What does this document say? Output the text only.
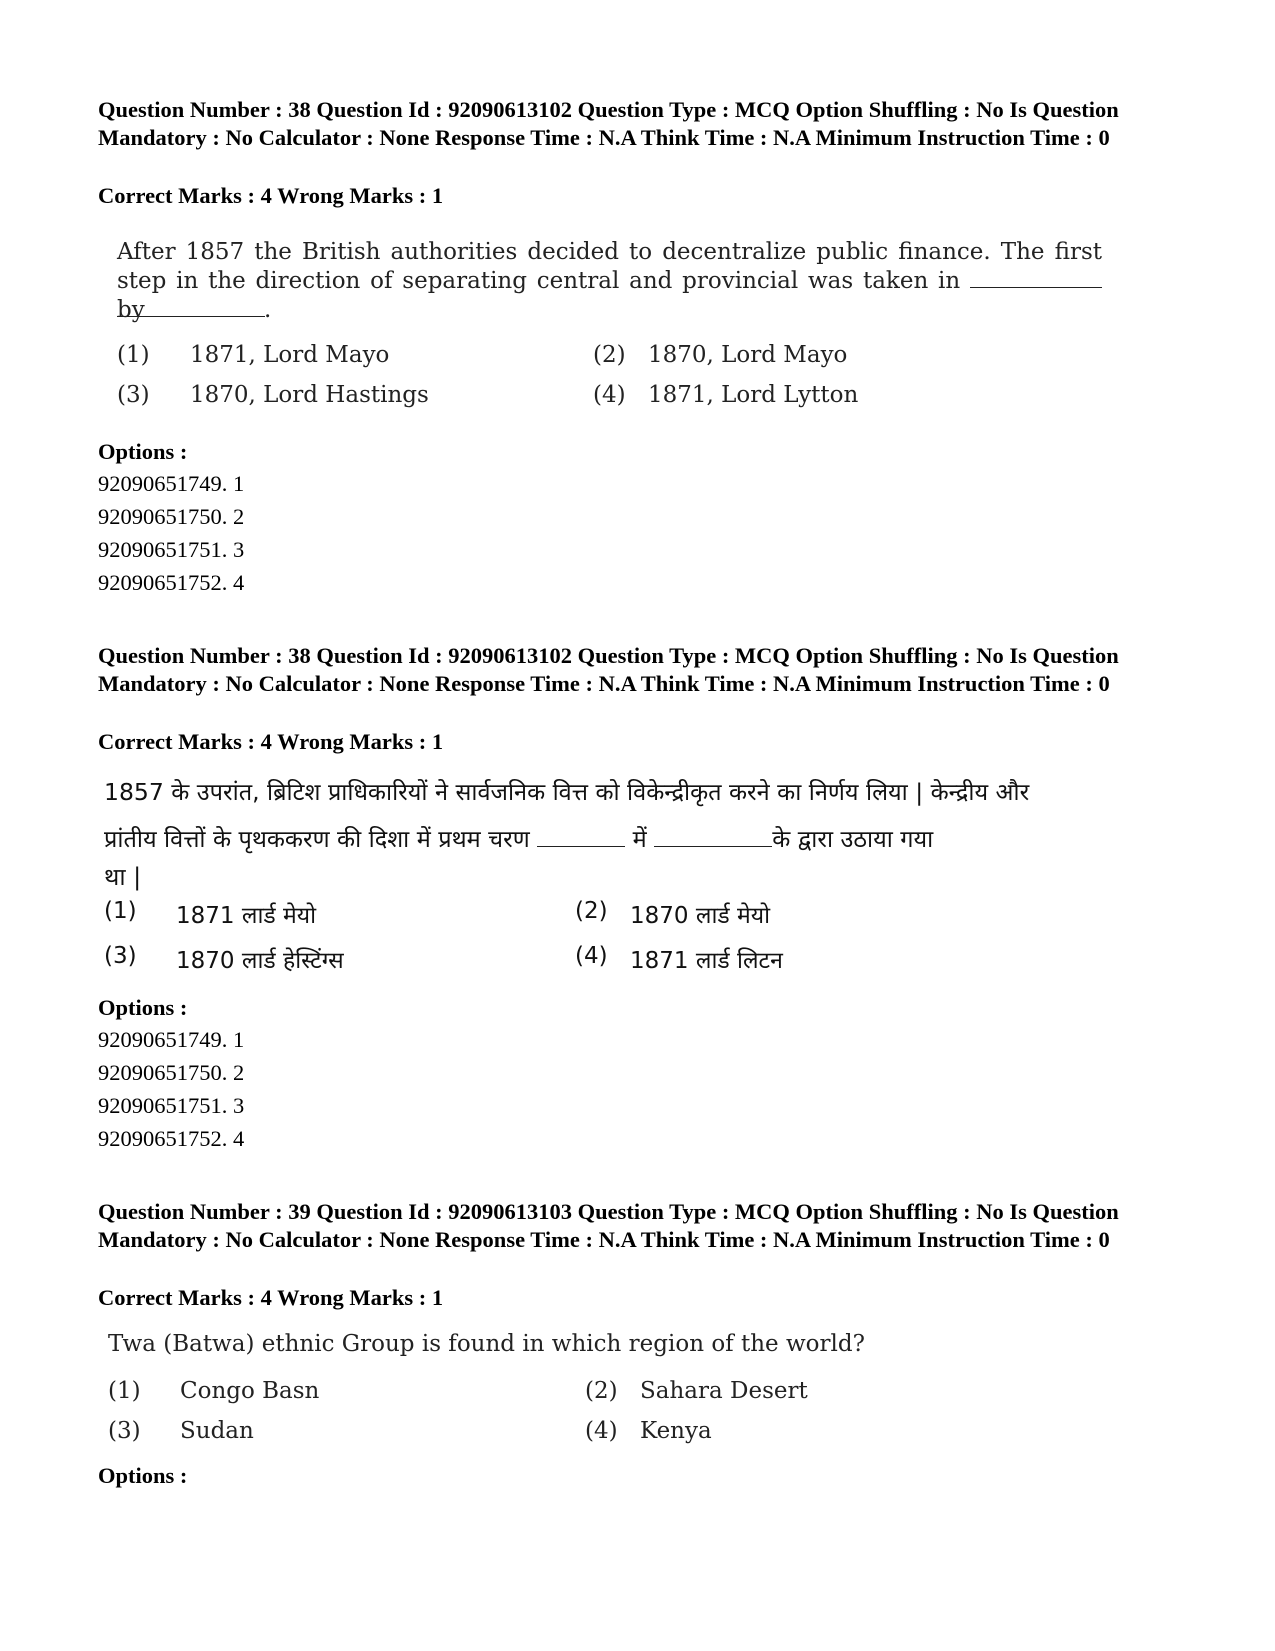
Question Number : 38 Question Id : 92090613102 Question Type : MCQ Option Shuffling : No Is Question Mandatory : No Calculator : None Response Time : N.A Think Time : N.A Minimum Instruction Time : 0

Correct Marks : 4 Wrong Marks : 1

After 1857 the British authorities decided to decentralize public finance. The first step in the direction of separating central and provincial was taken in  by	.
(1) 1871, Lord Mayo	(2) 1870, Lord Mayo
(3) 1870, Lord Hastings	(4) 1871, Lord Lytton
Options :
92090651749. 1
92090651750. 2
92090651751. 3
92090651752. 4

Question Number : 38 Question Id : 92090613102 Question Type : MCQ Option Shuffling : No Is Question Mandatory : No Calculator : None Response Time : N.A Think Time : N.A Minimum Instruction Time : 0

Correct Marks : 4 Wrong Marks : 1
1857 के उपरांत, ब्रिटिश प्राधिकारियों ने सार्वजनिक वित्त को विकेन्द्रीकृत करने का निर्णय लिया | केन्द्रीय और
प्रांतीय वित्तों के पृथककरण की दिशा में प्रथम चरण	में	के द्वारा उठाया गया
था |
(1) 1871 लार्ड मेयो	(2) 1870 लार्ड मेयो
(3) 1870 लार्ड हेस्टिंग्स	(4) 1871 लार्ड लिटन
Options :
92090651749. 1
92090651750. 2
92090651751. 3
92090651752. 4

Question Number : 39 Question Id : 92090613103 Question Type : MCQ Option Shuffling : No Is Question Mandatory : No Calculator : None Response Time : N.A Think Time : N.A Minimum Instruction Time : 0

Correct Marks : 4 Wrong Marks : 1
Twa (Batwa) ethnic Group is found in which region of the world?
(1) Congo Basn	(2) Sahara Desert
(3) Sudan	(4) Kenya
Options :
